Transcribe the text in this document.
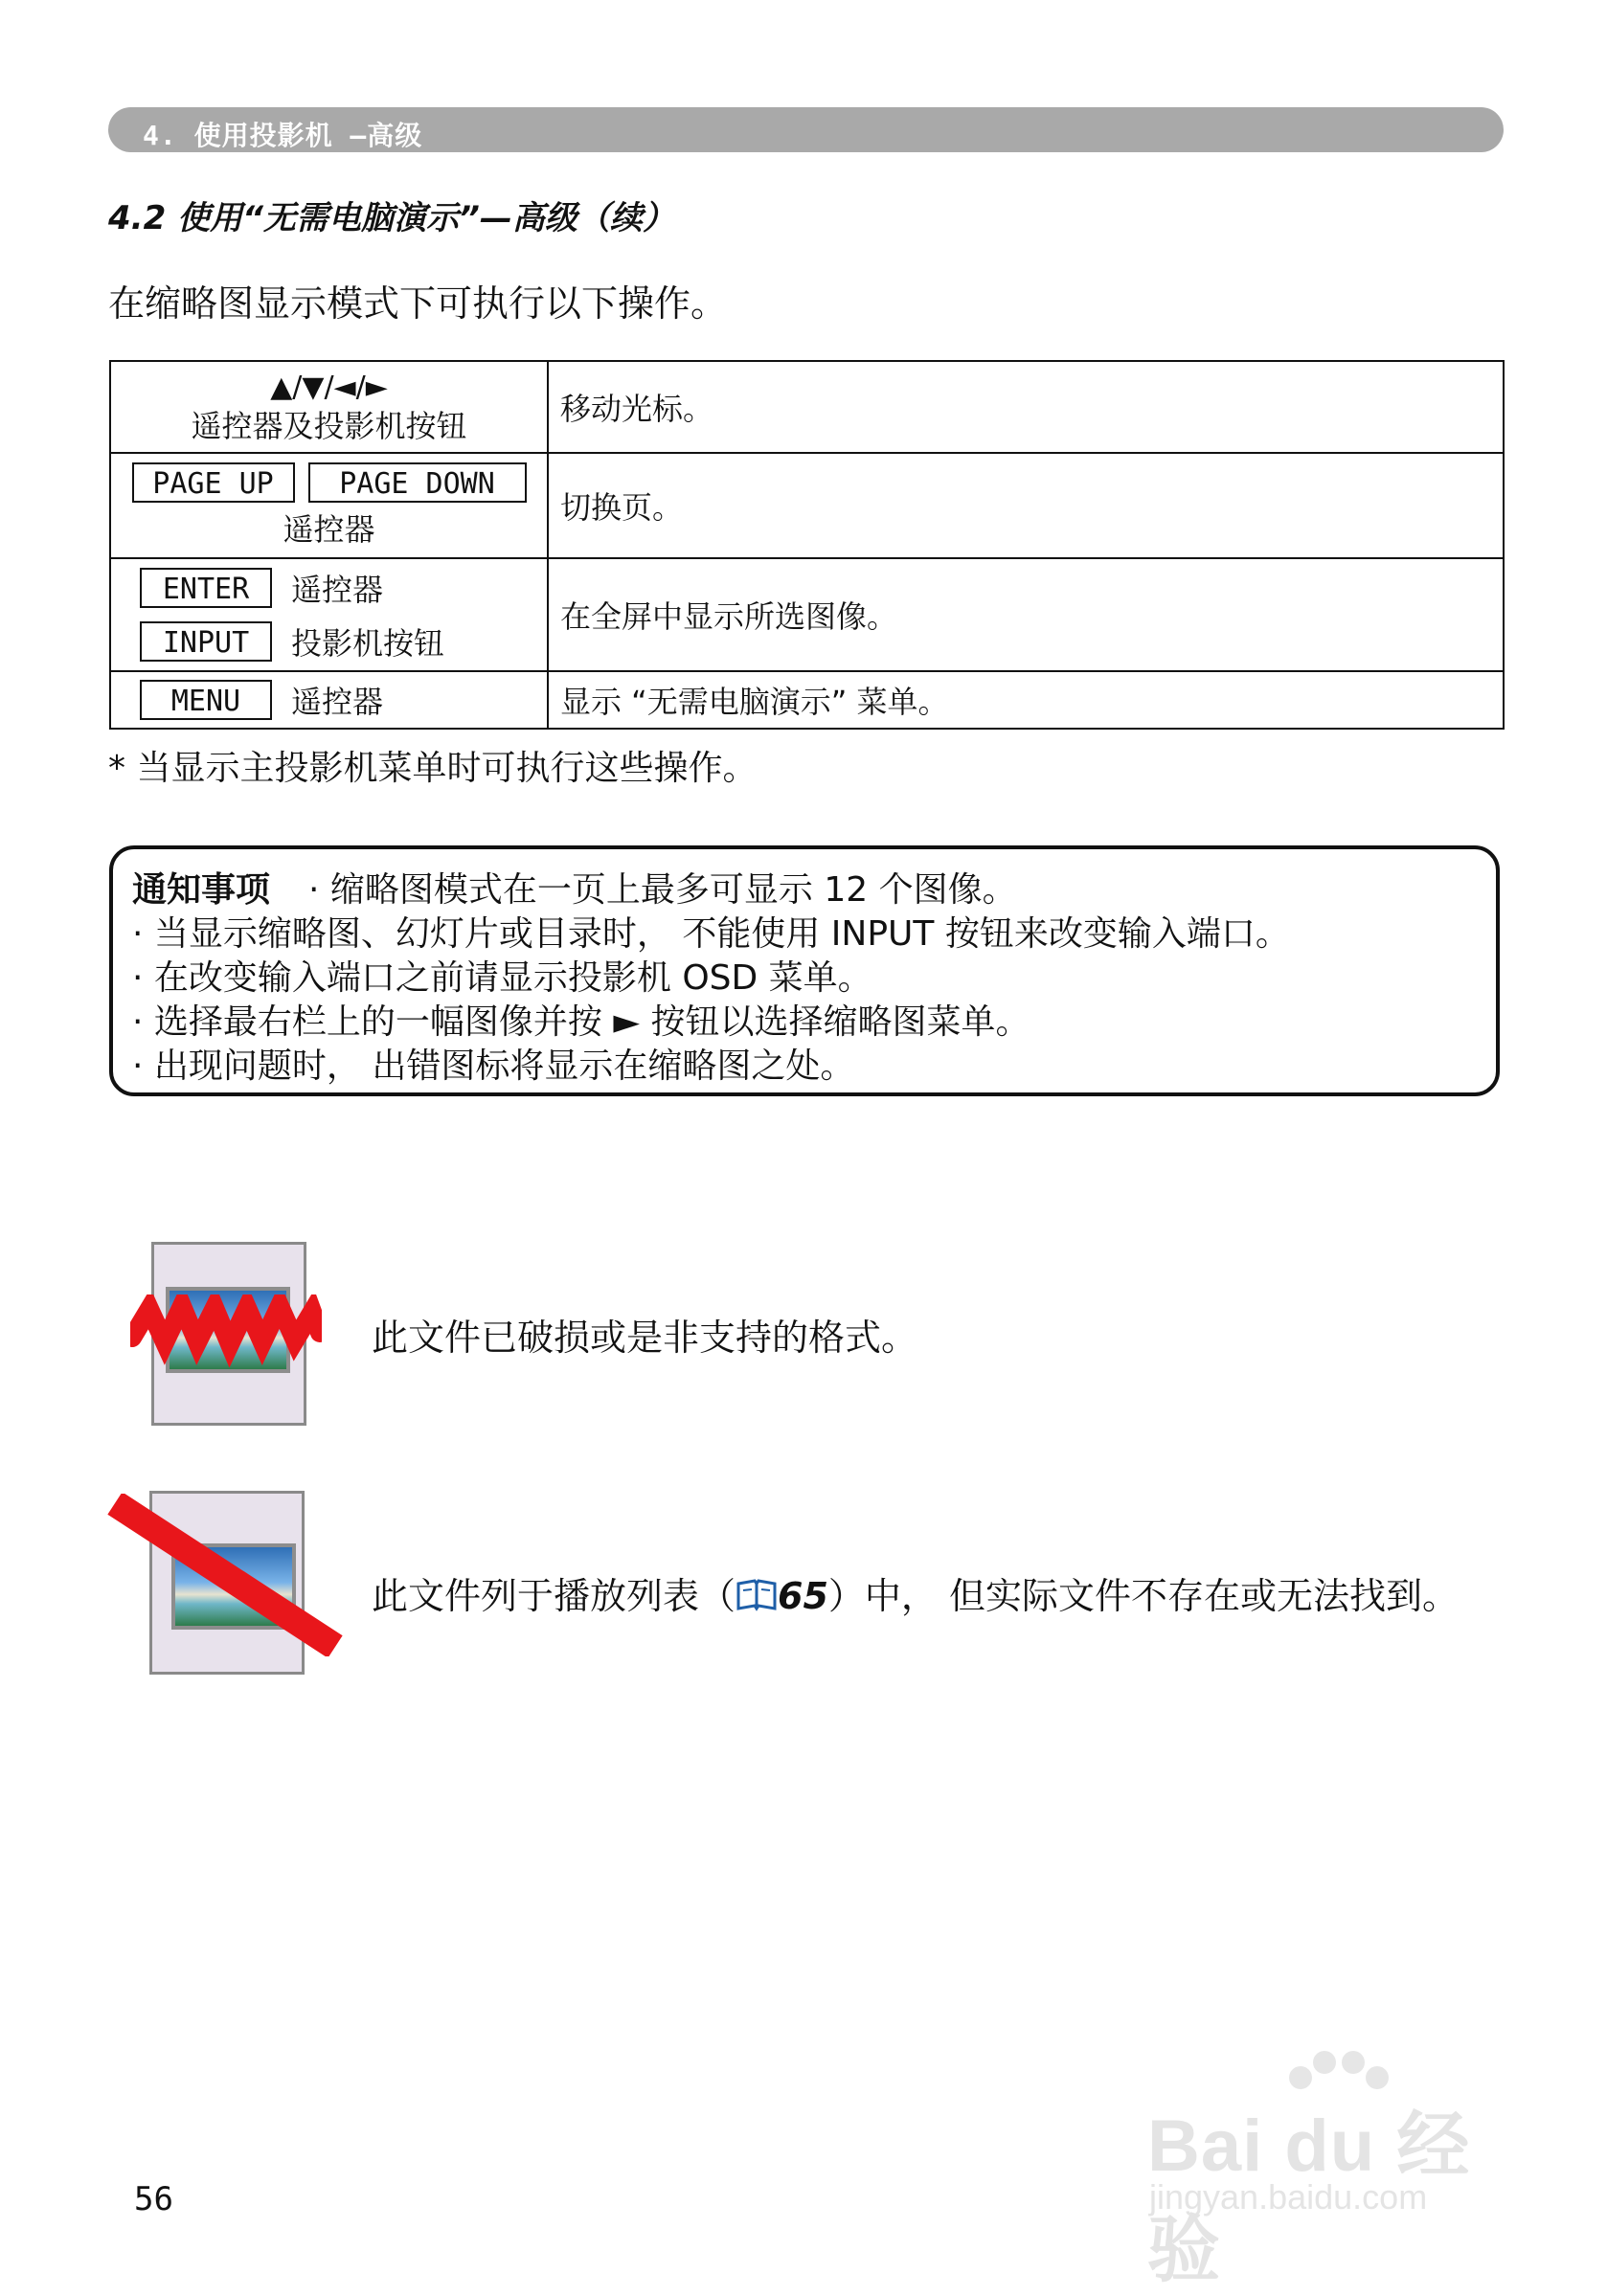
4. 使用投影机 —高级
4.2 使用“无需电脑演示”—高级（续）
在缩略图显示模式下可执行以下操作。
▲/▼/◄/►
遥控器及投影机按钮	移动光标。

PAGE UP PAGE DOWN
遥控器	切换页。

ENTER 遥控器
INPUT 投影机按钮	在全屏中显示所选图像。

MENU 遥控器	显示 “无需电脑演示” 菜单。
* 当显示主投影机菜单时可执行这些操作。
通知事项 · 缩略图模式在一页上最多可显示 12 个图像。
· 当显示缩略图、幻灯片或目录时， 不能使用 INPUT 按钮来改变输入端口。
· 在改变输入端口之前请显示投影机 OSD 菜单。
· 选择最右栏上的一幅图像并按 ► 按钮以选择缩略图菜单。
· 出现问题时， 出错图标将显示在缩略图之处。
此文件已破损或是非支持的格式。
此文件列于播放列表（ 65）中， 但实际文件不存在或无法找到。
56
Bai du 经验
jingyan.baidu.com
